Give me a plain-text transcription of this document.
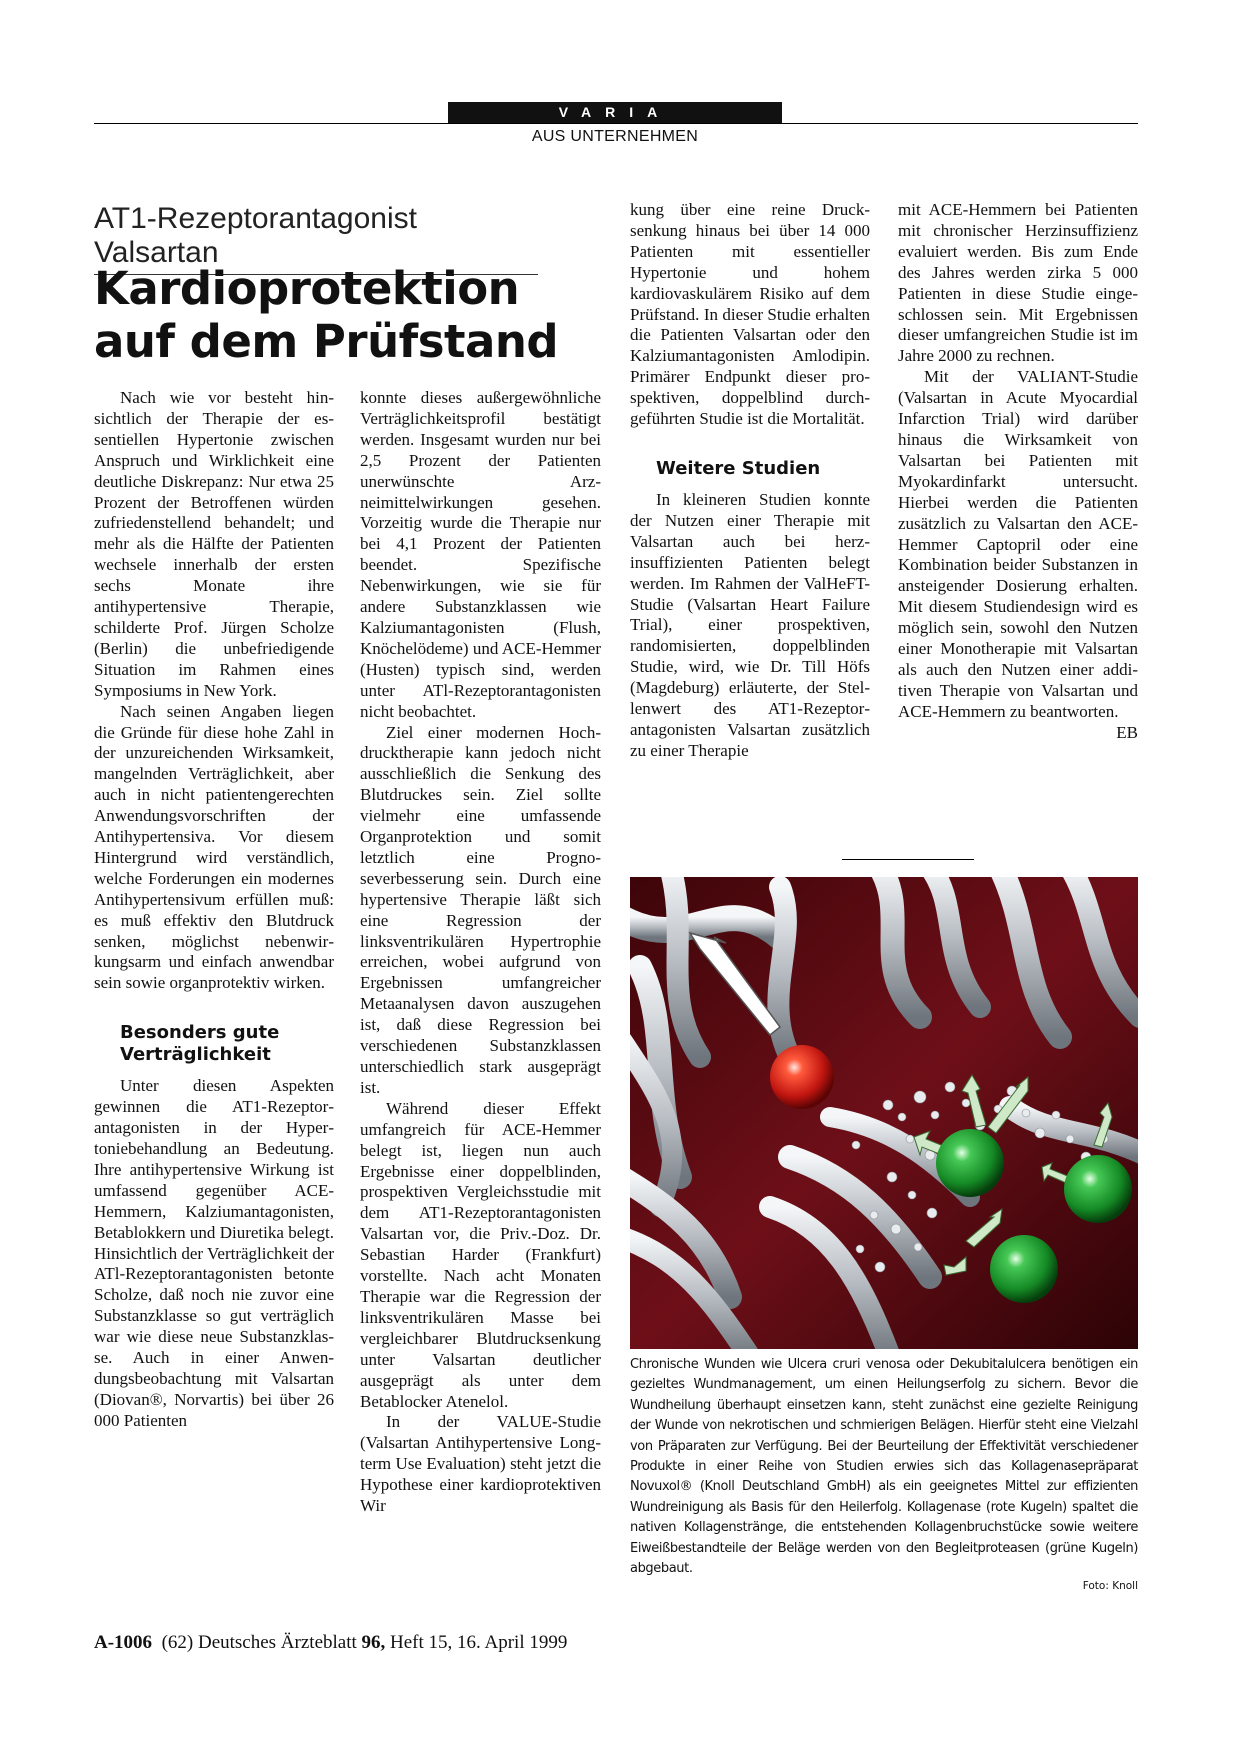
VARIA
AUS UNTERNEHMEN
AT1-Rezeptorantagonist Valsartan
Kardioprotektion
auf dem Prüfstand

Nach wie vor besteht hinsichtlich der Therapie der essentiellen Hypertonie zwischen Anspruch und Wirklichkeit eine deutliche Diskrepanz: Nur etwa 25 Prozent der Betroffenen würden zufriedenstellend behandelt; und mehr als die Hälfte der Patienten wechsele innerhalb der ersten sechs Monate ihre antihypertensive Therapie, schilderte Prof. Jürgen Scholze (Berlin) die unbefriedigende Situation im Rahmen eines Symposiums in New York.

Nach seinen Angaben liegen die Gründe für diese hohe Zahl in der unzureichenden Wirksamkeit, mangelnden Verträglichkeit, aber auch in nicht patientengerechten Anwendungsvorschriften der Antihypertensiva. Vor diesem Hintergrund wird verständlich, welche Forderungen ein modernes Antihypertensivum erfüllen muß: es muß effektiv den Blutdruck senken, möglichst nebenwirkungsarm und einfach anwendbar sein sowie organprotektiv wirken.

Besonders gute Verträglichkeit

Unter diesen Aspekten gewinnen die AT1-Rezeptorantagonisten in der Hypertoniebehandlung an Bedeutung. Ihre antihypertensive Wirkung ist umfassend gegenüber ACE-Hemmern, Kalziumantagonisten, Betablokkern und Diuretika belegt. Hinsichtlich der Verträglichkeit der ATl-Rezeptorantagonisten betonte Scholze, daß noch nie zuvor eine Substanzklasse so gut verträglich war wie diese neue Substanzklasse. Auch in einer Anwendungsbeobachtung mit Valsartan (Diovan®, Norvartis) bei über 26 000 Patienten

konnte dieses außergewöhnliche Verträglichkeitsprofil bestätigt werden. Insgesamt wurden nur bei 2,5 Prozent der Patienten unerwünschte Arzneimittelwirkungen gesehen. Vorzeitig wurde die Therapie nur bei 4,1 Prozent der Patienten beendet. Spezifische Nebenwirkungen, wie sie für andere Substanzklassen wie Kalziumantagonisten (Flush, Knöchelödeme) und ACE-Hemmer (Husten) typisch sind, werden unter ATl-Rezeptorantagonisten nicht beobachtet.

Ziel einer modernen Hochdrucktherapie kann jedoch nicht ausschließlich die Senkung des Blutdruckes sein. Ziel sollte vielmehr eine umfassende Organprotektion und somit letztlich eine Prognoseverbesserung sein. Durch eine hypertensive Therapie läßt sich eine Regression der linksventrikulären Hypertrophie erreichen, wobei aufgrund von Ergebnissen umfangreicher Metaanalysen davon auszugehen ist, daß diese Regression bei verschiedenen Substanzklassen unterschiedlich stark ausgeprägt ist.

Während dieser Effekt umfangreich für ACE-Hemmer belegt ist, liegen nun auch Ergebnisse einer doppelblinden, prospektiven Vergleichsstudie mit dem AT1-Rezeptorantagonisten Valsartan vor, die Priv.-Doz. Dr. Sebastian Harder (Frankfurt) vorstellte. Nach acht Monaten Therapie war die Regression der linksventrikulären Masse bei vergleichbarer Blutdrucksenkung unter Valsartan deutlicher ausgeprägt als unter dem Betablocker Atenelol.

In der VALUE-Studie (Valsartan Antihypertensive Long-term Use Evaluation) steht jetzt die Hypothese einer kardioprotektiven Wir

kung über eine reine Drucksenkung hinaus bei über 14 000 Patienten mit essentieller Hypertonie und hohem kardiovaskulärem Risiko auf dem Prüfstand. In dieser Studie erhalten die Patienten Valsartan oder den Kalziumantagonisten Amlodipin. Primärer Endpunkt dieser prospektiven, doppelblind durchgeführten Studie ist die Mortalität.

Weitere Studien

In kleineren Studien konnte der Nutzen einer Therapie mit Valsartan auch bei herzinsuffizienten Patienten belegt werden. Im Rahmen der ValHeFT-Studie (Valsartan Heart Failure Trial), einer prospektiven, randomisierten, doppelblinden Studie, wird, wie Dr. Till Höfs (Magdeburg) erläuterte, der Stellenwert des AT1-Rezeptorantagonisten Valsartan zusätzlich zu einer Therapie

mit ACE-Hemmern bei Patienten mit chronischer Herzinsuffizienz evaluiert werden. Bis zum Ende des Jahres werden zirka 5 000 Patienten in diese Studie eingeschlossen sein. Mit Ergebnissen dieser umfangreichen Studie ist im Jahre 2000 zu rechnen.

Mit der VALIANT-Studie (Valsartan in Acute Myocardial Infarction Trial) wird darüber hinaus die Wirksamkeit von Valsartan bei Patienten mit Myokardinfarkt untersucht. Hierbei werden die Patienten zusätzlich zu Valsartan den ACE-Hemmer Captopril oder eine Kombination beider Substanzen in ansteigender Dosierung erhalten. Mit diesem Studiendesign wird es möglich sein, sowohl den Nutzen einer Monotherapie mit Valsartan als auch den Nutzen einer additiven Therapie von Valsartan und ACE-Hemmern zu beantworten.
EB

Chronische Wunden wie Ulcera cruri venosa oder Dekubitalulcera benötigen ein gezieltes Wundmanagement, um einen Heilungserfolg zu sichern. Bevor die Wundheilung überhaupt einsetzen kann, steht zunächst eine gezielte Reinigung der Wunde von nekrotischen und schmierigen Belägen. Hierfür steht eine Vielzahl von Präparaten zur Verfügung. Bei der Beurteilung der Effektivität verschiedener Produkte in einer Reihe von Studien erwies sich das Kollagenasepräparat Novuxol® (Knoll Deutschland GmbH) als ein geeignetes Mittel zur effizienten Wundreinigung als Basis für den Heilerfolg. Kollagenase (rote Kugeln) spaltet die nativen Kollagenstränge, die entstehenden Kollagenbruchstücke sowie weitere Eiweißbestandteile der Beläge werden von den Begleitproteasen (grüne Kugeln) abgebaut.
Foto: Knoll
A-1006 (62) Deutsches Ärzteblatt 96, Heft 15, 16. April 1999
